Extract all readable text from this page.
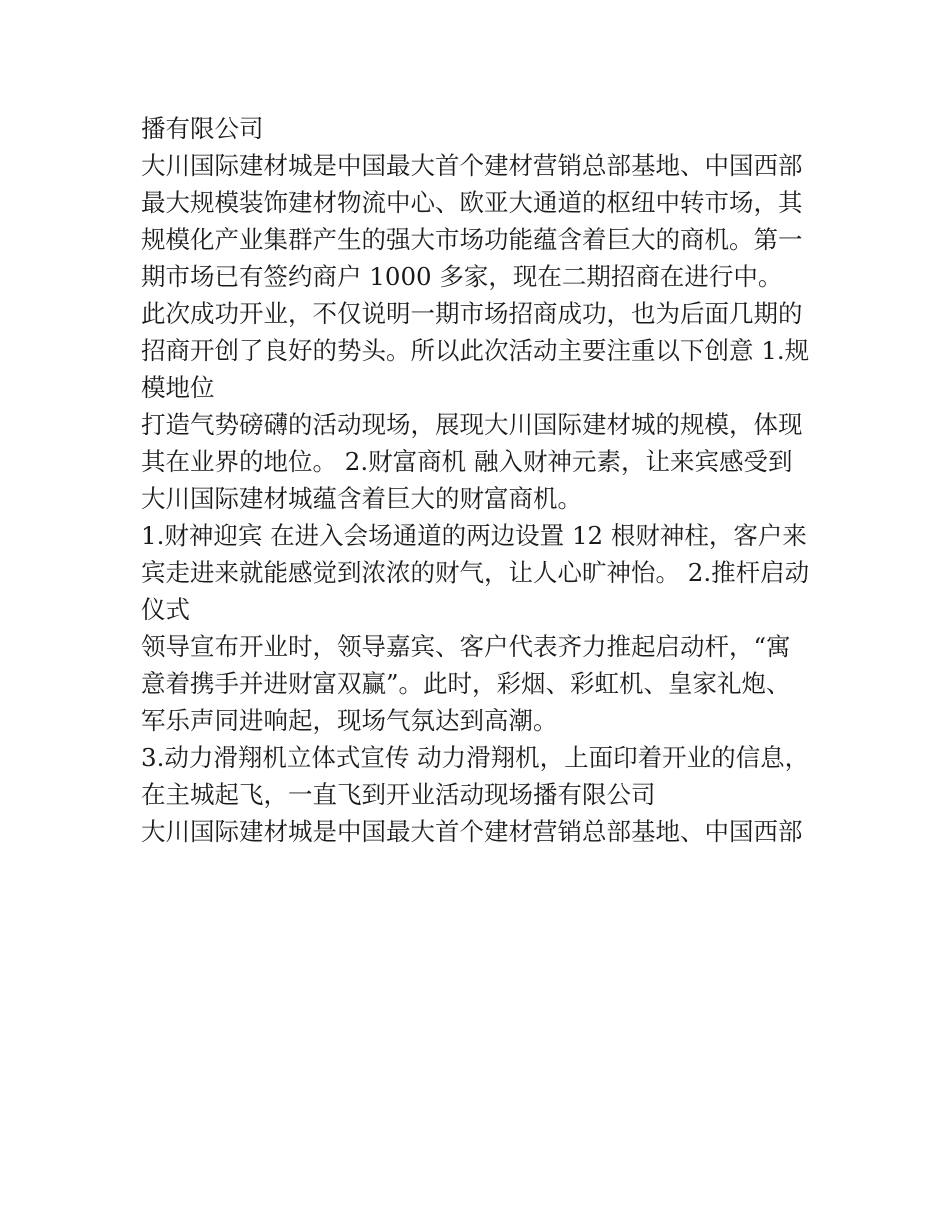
播有限公司

大川国际建材城是中国最大首个建材营销总部基地、中国西部

最大规模装饰建材物流中心、欧亚大通道的枢纽中转市场，其

规模化产业集群产生的强大市场功能蕴含着巨大的商机。第一

期市场已有签约商户 1000 多家，现在二期招商在进行中。

此次成功开业，不仅说明一期市场招商成功，也为后面几期的

招商开创了良好的势头。所以此次活动主要注重以下创意 1.规

模地位

打造气势磅礴的活动现场，展现大川国际建材城的规模，体现

其在业界的地位。 2.财富商机 融入财神元素，让来宾感受到

大川国际建材城蕴含着巨大的财富商机。

1.财神迎宾 在进入会场通道的两边设置 12 根财神柱，客户来

宾走进来就能感觉到浓浓的财气，让人心旷神怡。 2.推杆启动

仪式

领导宣布开业时，领导嘉宾、客户代表齐力推起启动杆，“寓

意着携手并进财富双赢”。此时，彩烟、彩虹机、皇家礼炮、

军乐声同进响起，现场气氛达到高潮。

3.动力滑翔机立体式宣传 动力滑翔机，上面印着开业的信息，

在主城起飞，一直飞到开业活动现场播有限公司

大川国际建材城是中国最大首个建材营销总部基地、中国西部
